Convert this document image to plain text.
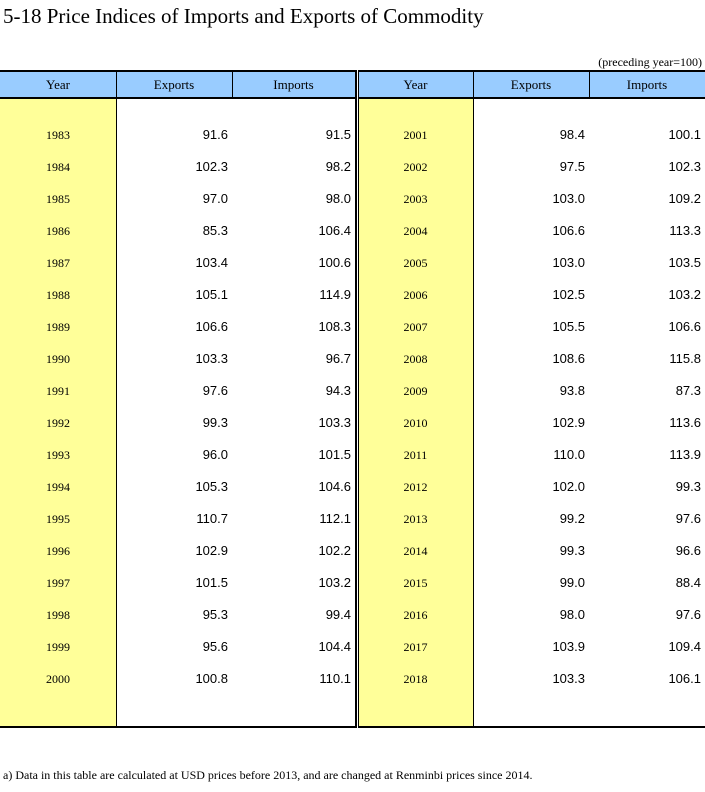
5-18 Price Indices of Imports and Exports of Commodity
(preceding year=100)
Year
1983
1984
1985
1986
1987
1988
1989
1990
1991
1992
1993
1994
1995
1996
1997
1998
1999
2000
Exports
91.6
102.3
97.0
85.3
103.4
105.1
106.6
103.3
97.6
99.3
96.0
105.3
110.7
102.9
101.5
95.3
95.6
100.8
Imports
91.5
98.2
98.0
106.4
100.6
114.9
108.3
96.7
94.3
103.3
101.5
104.6
112.1
102.2
103.2
99.4
104.4
110.1
Year
2001
2002
2003
2004
2005
2006
2007
2008
2009
2010
2011
2012
2013
2014
2015
2016
2017
2018
Exports
98.4
97.5
103.0
106.6
103.0
102.5
105.5
108.6
93.8
102.9
110.0
102.0
99.2
99.3
99.0
98.0
103.9
103.3
Imports
100.1
102.3
109.2
113.3
103.5
103.2
106.6
115.8
87.3
113.6
113.9
99.3
97.6
96.6
88.4
97.6
109.4
106.1
a) Data in this table are calculated at USD prices before 2013, and are changed at Renminbi prices since 2014.
